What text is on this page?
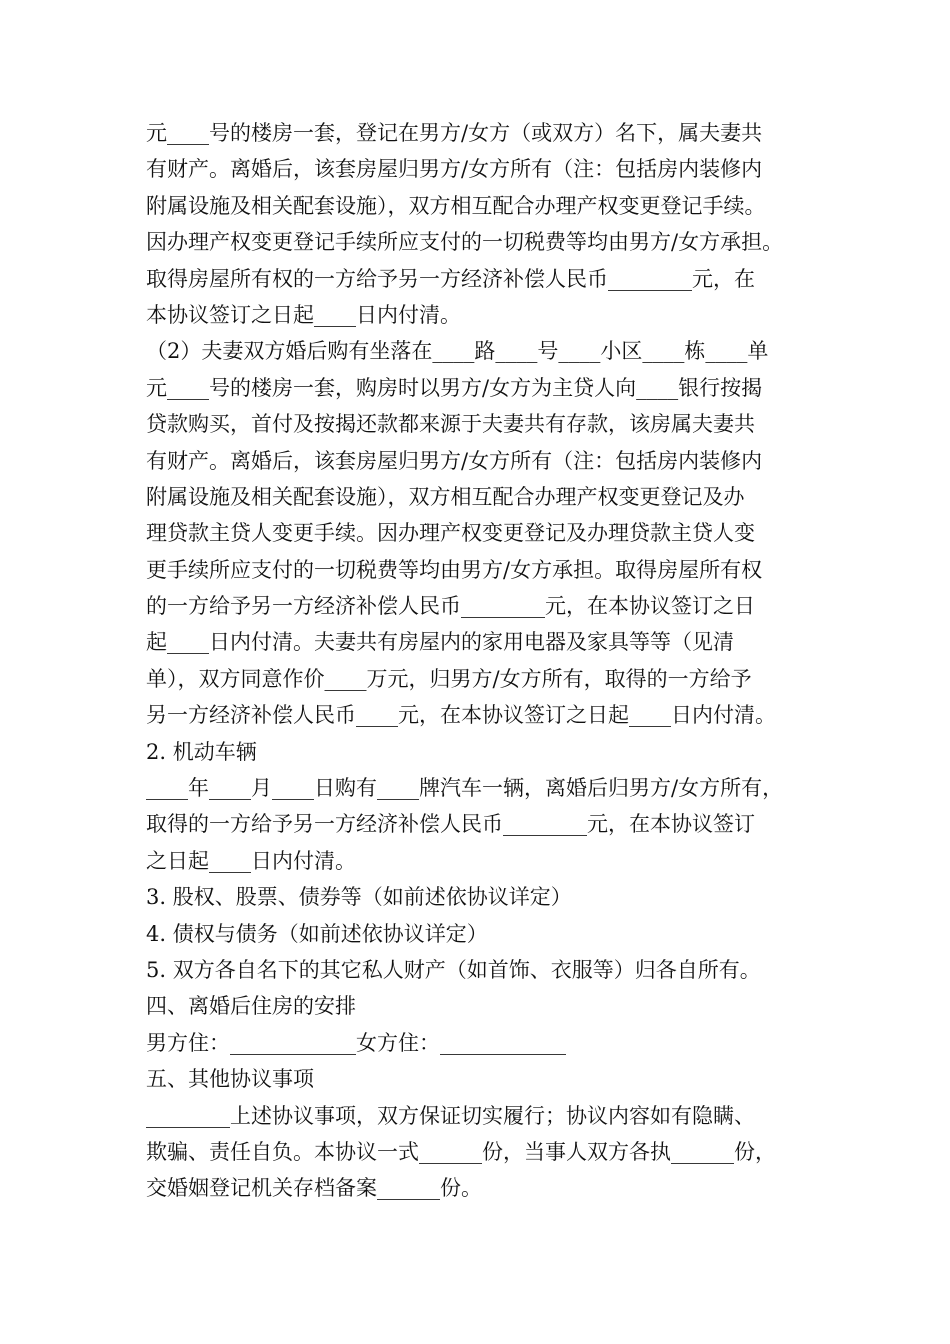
元____号的楼房一套，登记在男方/女方（或双方）名下，属夫妻共
有财产。离婚后，该套房屋归男方/女方所有（注：包括房内装修内
附属设施及相关配套设施），双方相互配合办理产权变更登记手续。
因办理产权变更登记手续所应支付的一切税费等均由男方/女方承担。
取得房屋所有权的一方给予另一方经济补偿人民币________元，在
本协议签订之日起____日内付清。
（2）夫妻双方婚后购有坐落在____路____号____小区____栋____单
元____号的楼房一套，购房时以男方/女方为主贷人向____银行按揭
贷款购买，首付及按揭还款都来源于夫妻共有存款，该房属夫妻共
有财产。离婚后，该套房屋归男方/女方所有（注：包括房内装修内
附属设施及相关配套设施），双方相互配合办理产权变更登记及办
理贷款主贷人变更手续。因办理产权变更登记及办理贷款主贷人变
更手续所应支付的一切税费等均由男方/女方承担。取得房屋所有权
的一方给予另一方经济补偿人民币________元，在本协议签订之日
起____日内付清。夫妻共有房屋内的家用电器及家具等等（见清
单），双方同意作价____万元，归男方/女方所有，取得的一方给予
另一方经济补偿人民币____元，在本协议签订之日起____日内付清。
2. 机动车辆
____年____月____日购有____牌汽车一辆，离婚后归男方/女方所有，
取得的一方给予另一方经济补偿人民币________元，在本协议签订
之日起____日内付清。
3. 股权、股票、债券等（如前述依协议详定）
4. 债权与债务（如前述依协议详定）
5. 双方各自名下的其它私人财产（如首饰、衣服等）归各自所有。
四、离婚后住房的安排
男方住：____________女方住：____________
五、其他协议事项
________上述协议事项，双方保证切实履行；协议内容如有隐瞒、
欺骗、责任自负。本协议一式______份，当事人双方各执______份，
交婚姻登记机关存档备案______份。
